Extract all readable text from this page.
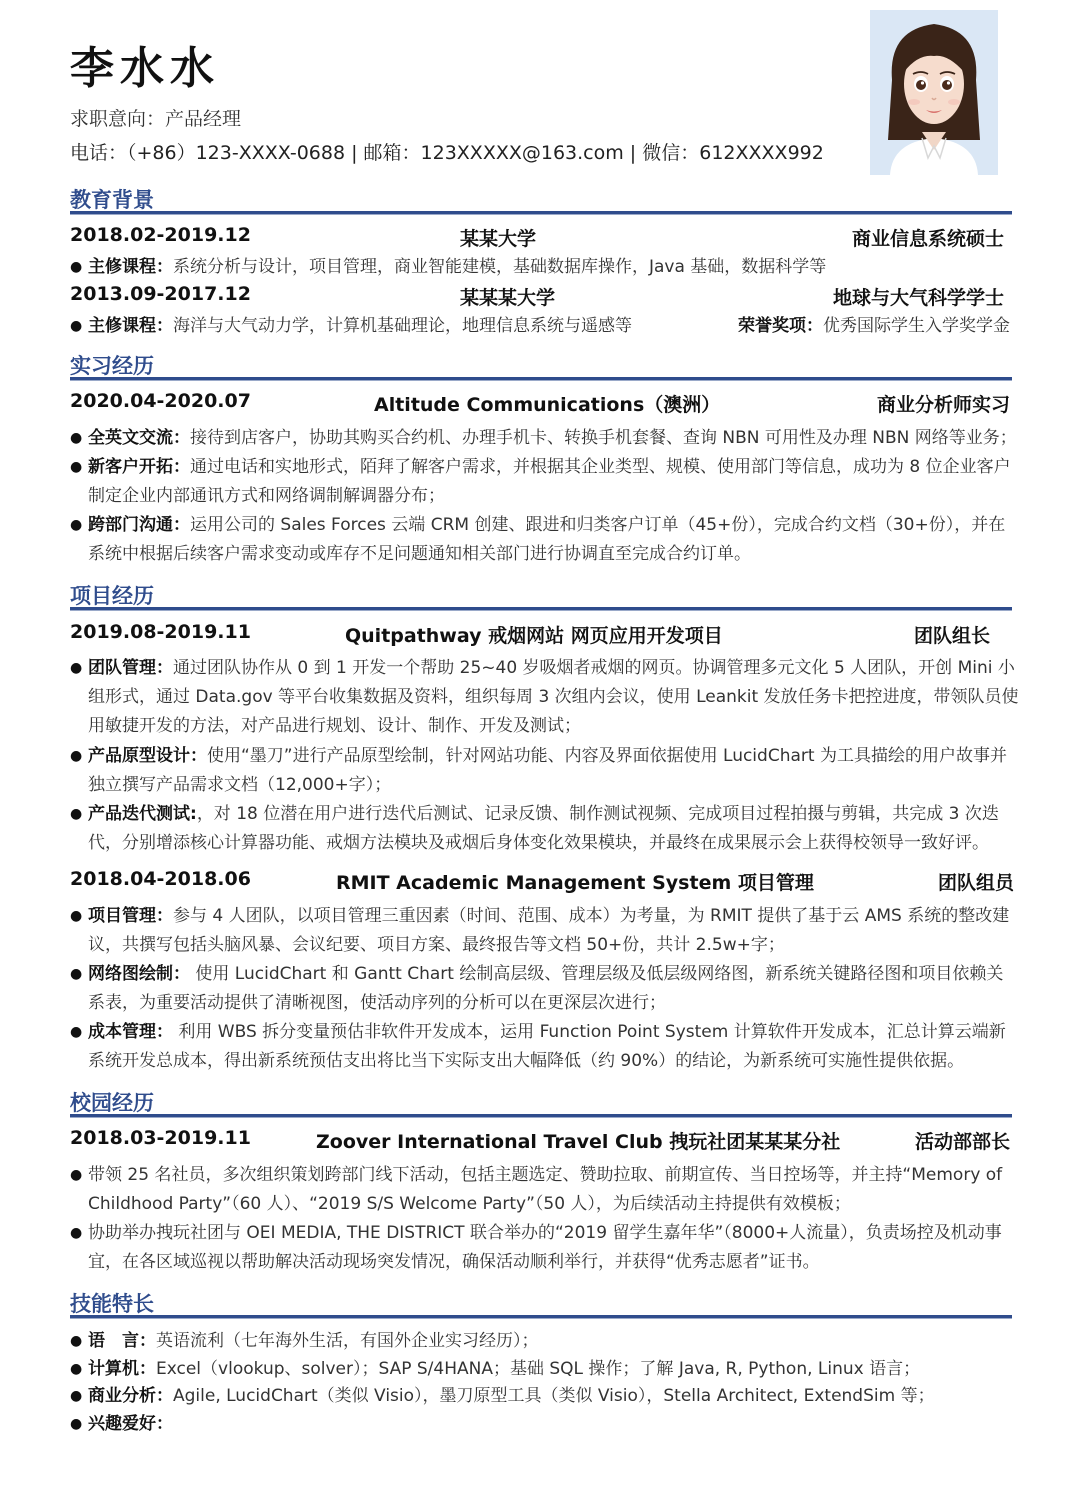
李水水
求职意向：产品经理
电话：（+86）123-XXXX-0688 | 邮箱：123XXXXX@163.com | 微信：612XXXX992
教育背景
2018.02-2019.12	某某大学	商业信息系统硕士
● 主修课程：系统分析与设计，项目管理，商业智能建模，基础数据库操作，Java 基础，数据科学等
2013.09-2017.12	某某某大学	地球与大气科学学士
● 主修课程：海洋与大气动力学，计算机基础理论，地理信息系统与遥感等	荣誉奖项：优秀国际学生入学奖学金
实习经历
2020.04-2020.07	Altitude Communications（澳洲）	商业分析师实习
● 全英文交流：接待到店客户，协助其购买合约机、办理手机卡、转换手机套餐、查询 NBN 可用性及办理 NBN 网络等业务；
● 新客户开拓：通过电话和实地形式，陌拜了解客户需求，并根据其企业类型、规模、使用部门等信息，成功为 8 位企业客户制定企业内部通讯方式和网络调制解调器分布；
● 跨部门沟通：运用公司的 Sales Forces 云端 CRM 创建、跟进和归类客户订单（45+份），完成合约文档（30+份），并在系统中根据后续客户需求变动或库存不足问题通知相关部门进行协调直至完成合约订单。
项目经历
2019.08-2019.11	Quitpathway 戒烟网站 网页应用开发项目	团队组长
● 团队管理：通过团队协作从 0 到 1 开发一个帮助 25~40 岁吸烟者戒烟的网页。协调管理多元文化 5 人团队，开创 Mini 小组形式，通过 Data.gov 等平台收集数据及资料，组织每周 3 次组内会议，使用 Leankit 发放任务卡把控进度，带领队员使用敏捷开发的方法，对产品进行规划、设计、制作、开发及测试；
● 产品原型设计：使用“墨刀”进行产品原型绘制，针对网站功能、内容及界面依据使用 LucidChart 为工具描绘的用户故事并独立撰写产品需求文档（12,000+字）；
● 产品迭代测试:，对 18 位潜在用户进行迭代后测试、记录反馈、制作测试视频、完成项目过程拍摄与剪辑，共完成 3 次迭代，分别增添核心计算器功能、戒烟方法模块及戒烟后身体变化效果模块，并最终在成果展示会上获得校领导一致好评。
2018.04-2018.06	RMIT Academic Management System 项目管理	团队组员
● 项目管理：参与 4 人团队，以项目管理三重因素（时间、范围、成本）为考量，为 RMIT 提供了基于云 AMS 系统的整改建议，共撰写包括头脑风暴、会议纪要、项目方案、最终报告等文档 50+份，共计 2.5w+字；
● 网络图绘制： 使用 LucidChart 和 Gantt Chart 绘制高层级、管理层级及低层级网络图，新系统关键路径图和项目依赖关系表，为重要活动提供了清晰视图，使活动序列的分析可以在更深层次进行；
● 成本管理： 利用 WBS 拆分变量预估非软件开发成本，运用 Function Point System 计算软件开发成本，汇总计算云端新系统开发总成本，得出新系统预估支出将比当下实际支出大幅降低（约 90%）的结论，为新系统可实施性提供依据。
校园经历
2018.03-2019.11	Zoover International Travel Club 拽玩社团某某某分社	活动部部长
● 带领 25 名社员，多次组织策划跨部门线下活动，包括主题选定、赞助拉取、前期宣传、当日控场等，并主持“Memory of Childhood Party”（60 人）、“2019 S/S Welcome Party”（50 人），为后续活动主持提供有效模板；
● 协助举办拽玩社团与 OEI MEDIA, THE DISTRICT 联合举办的“2019 留学生嘉年华”（8000+人流量），负责场控及机动事宜，在各区域巡视以帮助解决活动现场突发情况，确保活动顺利举行，并获得“优秀志愿者”证书。
技能特长
● 语　言：英语流利（七年海外生活，有国外企业实习经历）；
● 计算机：Excel（vlookup、solver）；SAP S/4HANA；基础 SQL 操作；了解 Java, R, Python, Linux 语言；
● 商业分析：Agile, LucidChart（类似 Visio），墨刀原型工具（类似 Visio），Stella Architect, ExtendSim 等；
● 兴趣爱好：
